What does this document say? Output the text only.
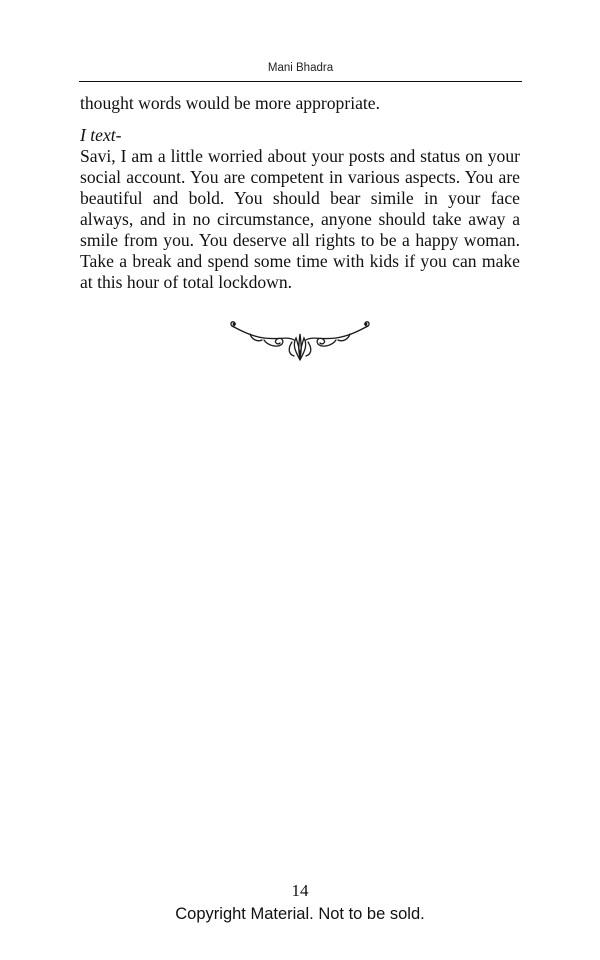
Mani Bhadra

thought words would be more appropriate.

I text-

Savi, I am a little worried about your posts and status on your social account. You are competent in various aspects. You are beautiful and bold. You should bear simile in your face always, and in no circumstance, anyone should take away a smile from you. You deserve all rights to be a happy woman. Take a break and spend some time with kids if you can make at this hour of total lockdown.

14
Copyright Material. Not to be sold.
